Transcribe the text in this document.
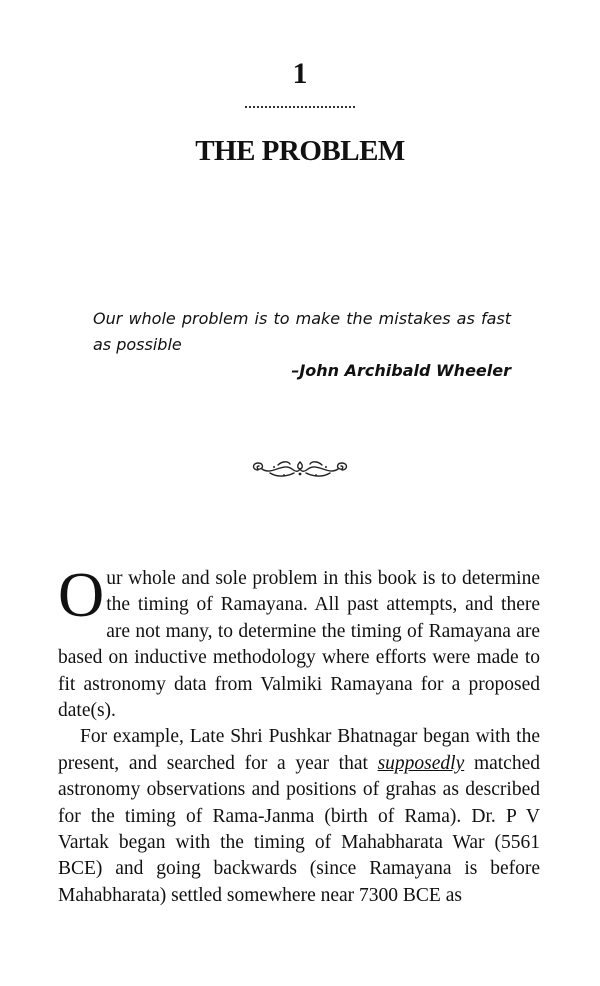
1
THE PROBLEM

Our whole problem is to make the mistakes as fast as possible

–John Archibald Wheeler

Our whole and sole problem in this book is to determine the timing of Ramayana. All past attempts, and there are not many, to determine the timing of Ramayana are based on inductive methodology where efforts were made to fit astronomy data from Valmiki Ramayana for a proposed date(s).

For example, Late Shri Pushkar Bhatnagar began with the present, and searched for a year that supposedly matched astronomy observations and positions of grahas as described for the timing of Rama-Janma (birth of Rama). Dr. P V Vartak began with the timing of Mahabharata War (5561 BCE) and going backwards (since Ramayana is before Mahabharata) settled somewhere near 7300 BCE as
